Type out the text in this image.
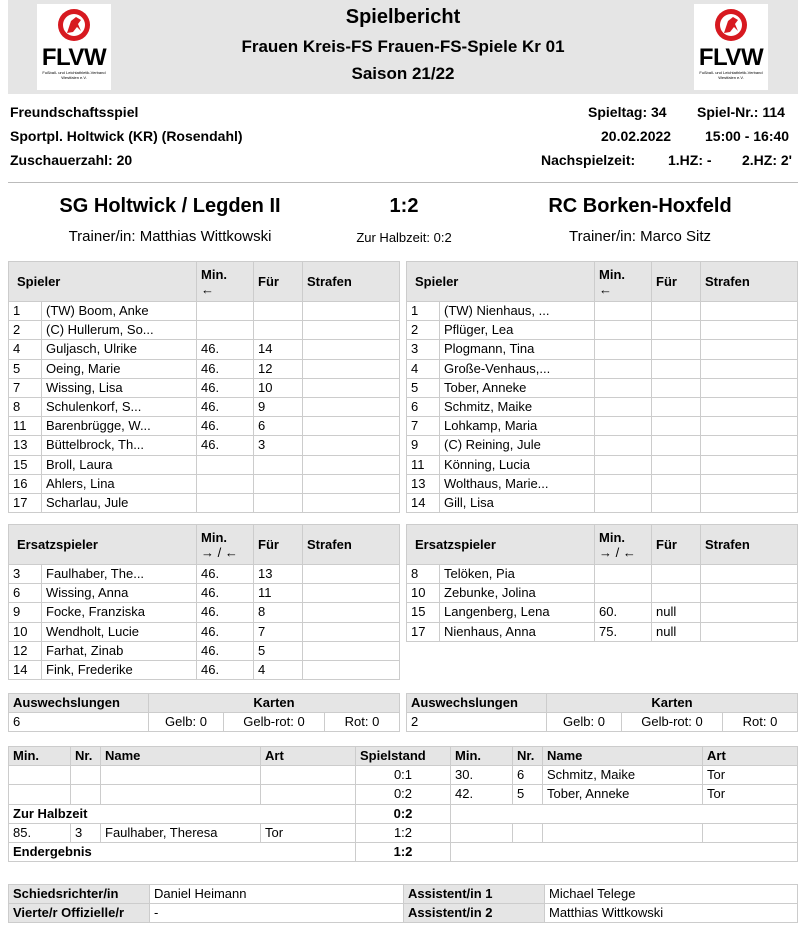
FLVW
Fußball- und Leichtathletik-Verband Westfalen e.V.
Spielbericht
Frauen Kreis-FS Frauen-FS-Spiele Kr 01
Saison 21/22
FLVW
Fußball- und Leichtathletik-Verband Westfalen e.V.
Freundschaftsspiel
Sportpl. Holtwick (KR) (Rosendahl)
Zuschauerzahl: 20
Spieltag: 34 Spiel-Nr.: 114
20.02.2022 15:00 - 16:40
Nachspielzeit: 1.HZ: - 2.HZ: 2'
SG Holtwick / Legden II	1:2	RC Borken-Hoxfeld
Trainer/in: Matthias Wittkowski	Zur Halbzeit: 0:2	Trainer/in: Marco Sitz
Spieler		Min.
←	Für	Strafen
1	(TW) Boom, Anke			
2	(C) Hullerum, So...			
4	Guljasch, Ulrike	46.	14	
5	Oeing, Marie	46.	12	
7	Wissing, Lisa	46.	10	
8	Schulenkorf, S...	46.	9	
11	Barenbrügge, W...	46.	6	
13	Büttelbrock, Th...	46.	3	
15	Broll, Laura			
16	Ahlers, Lina			
17	Scharlau, Jule			
Spieler		Min.
←	Für	Strafen
1	(TW) Nienhaus, ...			
2	Pflüger, Lea			
3	Plogmann, Tina			
4	Große-Venhaus,...			
5	Tober, Anneke			
6	Schmitz, Maike			
7	Lohkamp, Maria			
9	(C) Reining, Jule			
11	Könning, Lucia			
13	Wolthaus, Marie...			
14	Gill, Lisa			
Ersatzspieler		Min.
→ / ←	Für	Strafen
3	Faulhaber, The...	46.	13	
6	Wissing, Anna	46.	11	
9	Focke, Franziska	46.	8	
10	Wendholt, Lucie	46.	7	
12	Farhat, Zinab	46.	5	
14	Fink, Frederike	46.	4	
Ersatzspieler		Min.
→ / ←	Für	Strafen
8	Telöken, Pia			
10	Zebunke, Jolina			
15	Langenberg, Lena	60.	null	
17	Nienhaus, Anna	75.	null	
Auswechslungen	Karten		
6	Gelb: 0	Gelb-rot: 0	Rot: 0
Auswechslungen	Karten		
2	Gelb: 0	Gelb-rot: 0	Rot: 0
Min.	Nr.	Name	Art	Spielstand	Min.	Nr.	Name	Art
				0:1	30.	6	Schmitz, Maike	Tor
				0:2	42.	5	Tober, Anneke	Tor
Zur Halbzeit				0:2				
85.	3	Faulhaber, Theresa	Tor	1:2				
Endergebnis				1:2				
Schiedsrichter/in	Daniel Heimann	Assistent/in 1	Michael Telege
Vierte/r Offizielle/r	-	Assistent/in 2	Matthias Wittkowski
